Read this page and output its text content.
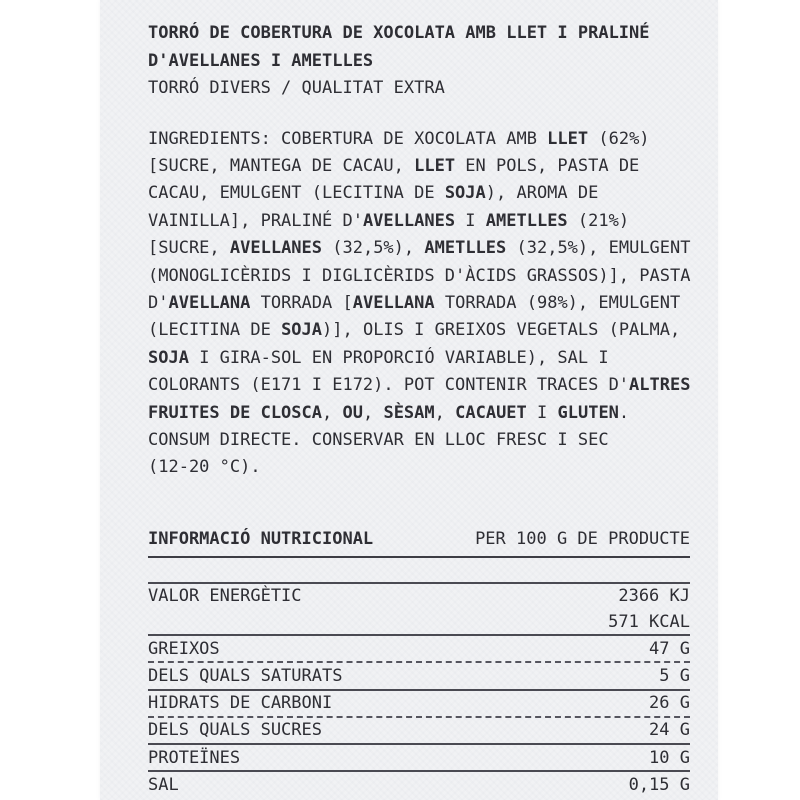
TORRÓ DE COBERTURA DE XOCOLATA AMB LLET I PRALINÉ
D'AVELLANES I AMETLLES
TORRÓ DIVERS / QUALITAT EXTRA
INGREDIENTS: COBERTURA DE XOCOLATA AMB LLET (62%)
[SUCRE, MANTEGA DE CACAU, LLET EN POLS, PASTA DE
CACAU, EMULGENT (LECITINA DE SOJA), AROMA DE
VAINILLA], PRALINÉ D'AVELLANES I AMETLLES (21%)
[SUCRE, AVELLANES (32,5%), AMETLLES (32,5%), EMULGENT
(MONOGLICÈRIDS I DIGLICÈRIDS D'ÀCIDS GRASSOS)], PASTA
D'AVELLANA TORRADA [AVELLANA TORRADA (98%), EMULGENT
(LECITINA DE SOJA)], OLIS I GREIXOS VEGETALS (PALMA,
SOJA I GIRA-SOL EN PROPORCIÓ VARIABLE), SAL I
COLORANTS (E171 I E172). POT CONTENIR TRACES D'ALTRES
FRUITES DE CLOSCA, OU, SÈSAM, CACAUET I GLUTEN.
CONSUM DIRECTE. CONSERVAR EN LLOC FRESC I SEC
(12-20 °C).
INFORMACIÓ NUTRICIONAL	PER 100 G DE PRODUCTE
VALOR ENERGÈTIC	2366 KJ
571 KCAL
GREIXOS	47 G
DELS QUALS SATURATS	5 G
HIDRATS DE CARBONI	26 G
DELS QUALS SUCRES	24 G
PROTEÏNES	10 G
SAL	0,15 G
